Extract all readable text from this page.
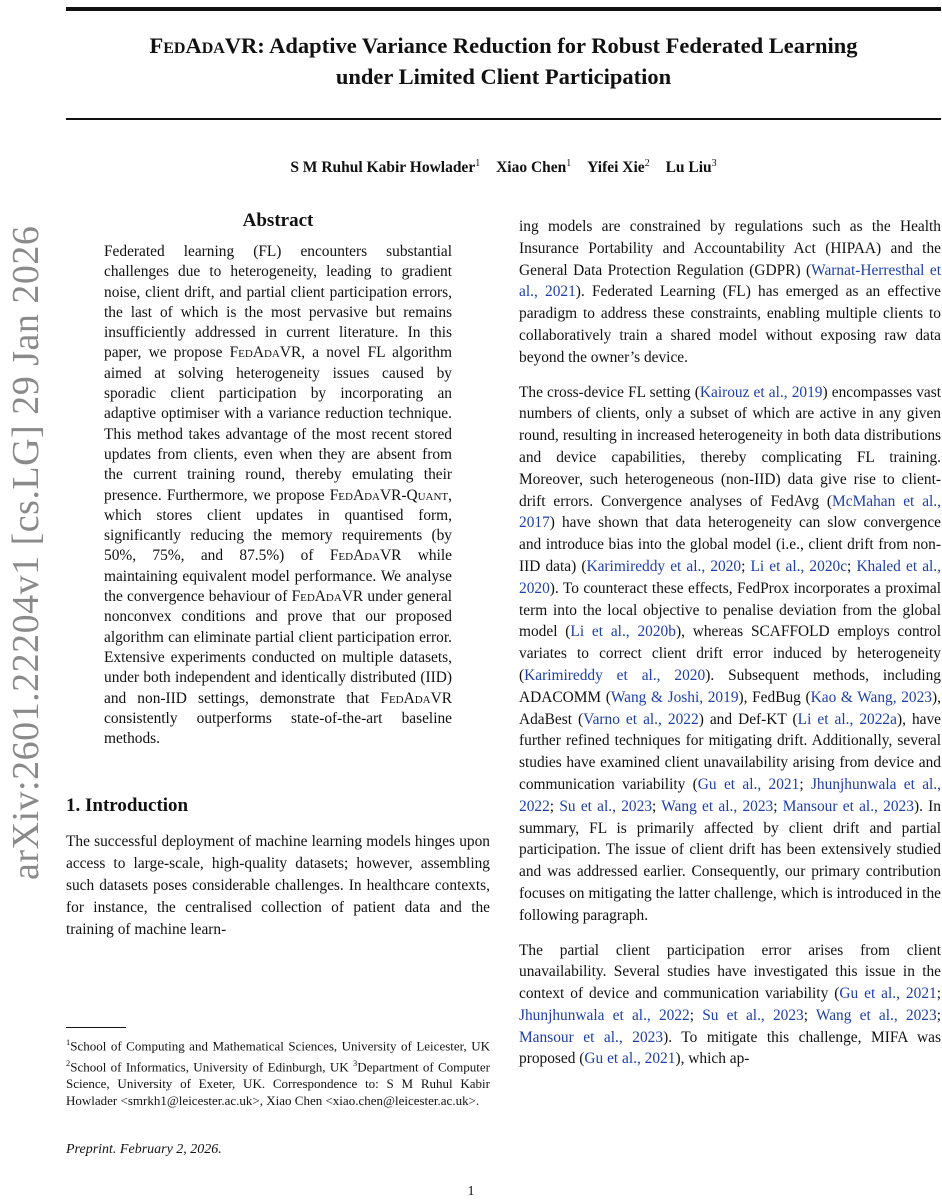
arXiv:2601.22204v1 [cs.LG] 29 Jan 2026
FedAdaVR: Adaptive Variance Reduction for Robust Federated Learning
under Limited Client Participation
S M Ruhul Kabir Howlader$^1$ Xiao Chen$^1$ Yifei Xie$^2$ Lu Liu$^3$
Abstract

Federated learning (FL) encounters substantial challenges due to heterogeneity, leading to gradient noise, client drift, and partial client participation errors, the last of which is the most pervasive but remains insufficiently addressed in current literature. In this paper, we propose FedAdaVR, a novel FL algorithm aimed at solving heterogeneity issues caused by sporadic client participation by incorporating an adaptive optimiser with a variance reduction technique. This method takes advantage of the most recent stored updates from clients, even when they are absent from the current training round, thereby emulating their presence. Furthermore, we propose FedAdaVR-Quant, which stores client updates in quantised form, significantly reducing the memory requirements (by 50%, 75%, and 87.5%) of FedAdaVR while maintaining equivalent model performance. We analyse the convergence behaviour of FedAdaVR under general nonconvex conditions and prove that our proposed algorithm can eliminate partial client participation error. Extensive experiments conducted on multiple datasets, under both independent and identically distributed (IID) and non-IID settings, demonstrate that FedAdaVR consistently outperforms state-of-the-art baseline methods.

1. Introduction

The successful deployment of machine learning models hinges upon access to large-scale, high-quality datasets; however, assembling such datasets poses considerable challenges. In healthcare contexts, for instance, the centralised collection of patient data and the training of machine learn-

ing models are constrained by regulations such as the Health Insurance Portability and Accountability Act (HIPAA) and the General Data Protection Regulation (GDPR) (Warnat-Herresthal et al., 2021). Federated Learning (FL) has emerged as an effective paradigm to address these constraints, enabling multiple clients to collaboratively train a shared model without exposing raw data beyond the owner’s device.

The cross-device FL setting (Kairouz et al., 2019) encompasses vast numbers of clients, only a subset of which are active in any given round, resulting in increased heterogeneity in both data distributions and device capabilities, thereby complicating FL training. Moreover, such heterogeneous (non-IID) data give rise to client-drift errors. Convergence analyses of FedAvg (McMahan et al., 2017) have shown that data heterogeneity can slow convergence and introduce bias into the global model (i.e., client drift from non-IID data) (Karimireddy et al., 2020; Li et al., 2020c; Khaled et al., 2020). To counteract these effects, FedProx incorporates a proximal term into the local objective to penalise deviation from the global model (Li et al., 2020b), whereas SCAFFOLD employs control variates to correct client drift error induced by heterogeneity (Karimireddy et al., 2020). Subsequent methods, including ADACOMM (Wang & Joshi, 2019), FedBug (Kao & Wang, 2023), AdaBest (Varno et al., 2022) and Def-KT (Li et al., 2022a), have further refined techniques for mitigating drift. Additionally, several studies have examined client unavailability arising from device and communication variability (Gu et al., 2021; Jhunjhunwala et al., 2022; Su et al., 2023; Wang et al., 2023; Mansour et al., 2023). In summary, FL is primarily affected by client drift and partial participation. The issue of client drift has been extensively studied and was addressed earlier. Consequently, our primary contribution focuses on mitigating the latter challenge, which is introduced in the following paragraph.

The partial client participation error arises from client unavailability. Several studies have investigated this issue in the context of device and communication variability (Gu et al., 2021; Jhunjhunwala et al., 2022; Su et al., 2023; Wang et al., 2023; Mansour et al., 2023). To mitigate this challenge, MIFA was proposed (Gu et al., 2021), which ap-

$^1$School of Computing and Mathematical Sciences, University of Leicester, UK $^2$School of Informatics, University of Edinburgh, UK $^3$Department of Computer Science, University of Exeter, UK. Correspondence to: S M Ruhul Kabir Howlader <smrkh1@leicester.ac.uk>, Xiao Chen <xiao.chen@leicester.ac.uk>.
Preprint. February 2, 2026.
1
